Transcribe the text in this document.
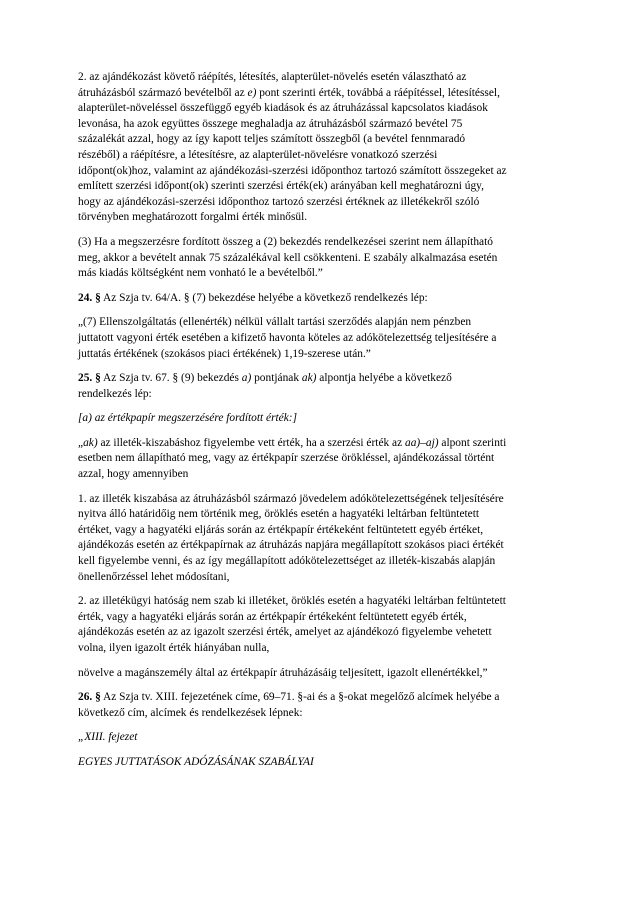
2. az ajándékozást követő ráépítés, létesítés, alapterület-növelés esetén választható az
átruházásból származó bevételből az e) pont szerinti érték, továbbá a ráépítéssel, létesítéssel,
alapterület-növeléssel összefüggő egyéb kiadások és az átruházással kapcsolatos kiadások
levonása, ha azok együttes összege meghaladja az átruházásból származó bevétel 75
százalékát azzal, hogy az így kapott teljes számított összegből (a bevétel fennmaradó
részéből) a ráépítésre, a létesítésre, az alapterület-növelésre vonatkozó szerzési
időpont(ok)hoz, valamint az ajándékozási-szerzési időponthoz tartozó számított összegeket az
említett szerzési időpont(ok) szerinti szerzési érték(ek) arányában kell meghatározni úgy,
hogy az ajándékozási-szerzési időponthoz tartozó szerzési értéknek az illetékekről szóló
törvényben meghatározott forgalmi érték minősül.

(3) Ha a megszerzésre fordított összeg a (2) bekezdés rendelkezései szerint nem állapítható
meg, akkor a bevételt annak 75 százalékával kell csökkenteni. E szabály alkalmazása esetén
más kiadás költségként nem vonható le a bevételből.”

24. § Az Szja tv. 64/A. § (7) bekezdése helyébe a következő rendelkezés lép:

„(7) Ellenszolgáltatás (ellenérték) nélkül vállalt tartási szerződés alapján nem pénzben
juttatott vagyoni érték esetében a kifizető havonta köteles az adókötelezettség teljesítésére a
juttatás értékének (szokásos piaci értékének) 1,19-szerese után.”

25. § Az Szja tv. 67. § (9) bekezdés a) pontjának ak) alpontja helyébe a következő
rendelkezés lép:

[a) az értékpapír megszerzésére fordított érték:]

„ak) az illeték-kiszabáshoz figyelembe vett érték, ha a szerzési érték az aa)–aj) alpont szerinti
esetben nem állapítható meg, vagy az értékpapír szerzése örökléssel, ajándékozással történt
azzal, hogy amennyiben

1. az illeték kiszabása az átruházásból származó jövedelem adókötelezettségének teljesítésére
nyitva álló határidőig nem történik meg, öröklés esetén a hagyatéki leltárban feltüntetett
értéket, vagy a hagyatéki eljárás során az értékpapír értékeként feltüntetett egyéb értéket,
ajándékozás esetén az értékpapírnak az átruházás napjára megállapított szokásos piaci értékét
kell figyelembe venni, és az így megállapított adókötelezettséget az illeték-kiszabás alapján
önellenőrzéssel lehet módosítani,

2. az illetékügyi hatóság nem szab ki illetéket, öröklés esetén a hagyatéki leltárban feltüntetett
érték, vagy a hagyatéki eljárás során az értékpapír értékeként feltüntetett egyéb érték,
ajándékozás esetén az az igazolt szerzési érték, amelyet az ajándékozó figyelembe vehetett
volna, ilyen igazolt érték hiányában nulla,

növelve a magánszemély által az értékpapír átruházásáig teljesített, igazolt ellenértékkel,”

26. § Az Szja tv. XIII. fejezetének címe, 69–71. §-ai és a §-okat megelőző alcímek helyébe a
következő cím, alcímek és rendelkezések lépnek:

„XIII. fejezet

EGYES JUTTATÁSOK ADÓZÁSÁNAK SZABÁLYAI
